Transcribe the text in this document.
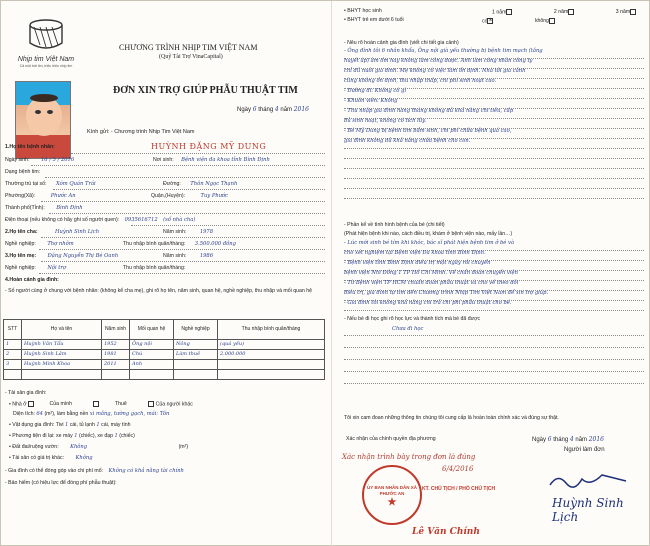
Nhịp tim Việt Nam
Cả một trái tim, triệu triệu nhịp tim
CHƯƠNG TRÌNH NHỊP TIM VIỆT NAM
(Quỹ Tài Trợ VinaCapital)
ĐƠN XIN TRỢ GIÚP PHẪU THUẬT TIM
Ngày 6 tháng 4 năm 2016
Kính gửi: - Chương trình Nhịp Tim Việt Nam
1.Họ tên bệnh nhân:	HUỲNH ĐẶNG MỸ DUNG
Ngày sinh: 16 / 5 / 2016	Nơi sinh: Bệnh viện đa khoa tỉnh Bình Định
Dạng bệnh tim:
Thường trú tại số: Xóm Quán Trái	Đường: Thôn Ngọc Thạnh
Phường(Xã):	Phước An	Quận,(Huyện):	Tuy Phước
Thành phố(Tỉnh): Bình Định
Điện thoại (nếu không có hãy ghi số người quen): 0935616712 (số nhà cha)
2.Họ tên cha:	Huỳnh Sinh Lịch	Năm sinh:	1978
Nghề nghiệp: Thợ nhôm	Thu nhập bình quân/tháng: 3.500.000 đồng
3.Họ tên mẹ: Đặng Nguyễn Thị Bé Oanh	Năm sinh:	1986
Nghề nghiệp: Nội trợ	Thu nhập bình quân/tháng:
4.Hoàn cảnh gia đình:
- Số người cùng ở chung với bệnh nhân: (không kể cha mẹ), ghi rõ họ tên, năm sinh, quan hệ, nghề nghiệp, thu nhập và mối quan hệ
STT	Họ và tên	Năm sinh	Mối quan hệ	Nghề nghiệp	Thu nhập bình quân/tháng
1	Huỳnh Văn Tẩu	1952	Ông nội	Nông	(quá yếu)
2	Huỳnh Sinh Lâm	1981	Chú	Làm thuê	2.000.000
3	Huỳnh Minh Khoa	2011	Anh		

- Tài sản gia đình:
• Nhà ở	Của mình	Thuê	Của người khác
Diện tích: 64 (m²), làm bằng nền xi măng, tường gạch, mái: Tôn
• Vật dụng gia đình: Tivi 1 cái, tủ lạnh 1 cái, máy tính
• Phương tiện đi lại: xe máy 1 (chiếc), xe đạp 1 (chiếc)
• Đất đai/ruộng vườn: Không	(m²)
• Tài sản có giá trị khác: Không
- Gia đình có thể đóng góp vào chi phí mổ: Không có khả năng tài chính
- Bảo hiểm (có hiệu lực để đóng phí phẫu thuật):
• BHYT học sinh
• BHYT trẻ em dưới 6 tuổi
1 năm	2 năm	3 năm
có×	không
- Nêu rõ hoàn cảnh gia đình (viết chi tiết gia cảnh)
- Ông đình tôi 6 nhân khẩu, Ông nội già yếu thường bị bệnh tim mạch (tăng
huyết áp) âm ốm hay không làm công được. Anh làm công nhân công ty
chỉ đủ nuôi gia đình. Mẹ không có việc làm ổn định. Nhà tôi gia cảnh
cũng không ổn định, thu nhập thấp, chi phí sinh hoạt cao.
- Đường đi: Không có gì
- Khuôn viên: Không
- Thu nhập gia đình hàng tháng không đủ khả năng chi tiêu, cấp
đủ sinh hoạt, không có tích lũy.
- Bé Mỹ Dung bị bệnh tim bẩm sinh, chi phí chữa bệnh quá cao,
gia đình không đủ khả năng chữa bệnh cho con.
- Phần kể về tình hình bệnh của bé (chi tiết)
(Phát hiện bệnh khi nào, cách điều trị, khám ở bệnh viện nào, mấy lần…)
- Lúc mới sinh bé tím khi khóc, bác sĩ phát hiện bệnh tim ở bé và
cho xét nghiệm tại Bệnh viện Đa khoa tỉnh Bình Định.
- Bệnh viện tỉnh Bình Định điều trị một ngày rồi chuyển
bệnh viện Nhi Đồng 1 TP Hồ Chí Minh. Về chẩn đoán chuyển viện
- Từ Bệnh viện TP HCM chuẩn đoán phẫu thuật và cho về theo dõi
điều trị, gia đình tự tìm đến Chương trình Nhịp Tim Việt Nam để xin trợ giúp.
- Gia đình tôi không khả năng chi trả chi phí phẫu thuật cho bé.
- Nếu bé đi học ghi rõ học lực và thành tích mà bé đã được
Chưa đi học
Tôi xin cam đoan những thông tin chúng tôi cung cấp là hoàn toàn chính xác và đúng sự thật.
Xác nhận của chính quyền địa phương	Ngày 6 tháng 4 năm 2016
Người làm đơn
Xác nhận trình bày trong đơn là đúng
6/4/2016
ỦY BAN NHÂN DÂN XÃ PHƯỚC AN
★
KT. CHỦ TỊCH / PHÓ CHỦ TỊCH
Lê Văn Chính
Huỳnh Sinh Lịch
